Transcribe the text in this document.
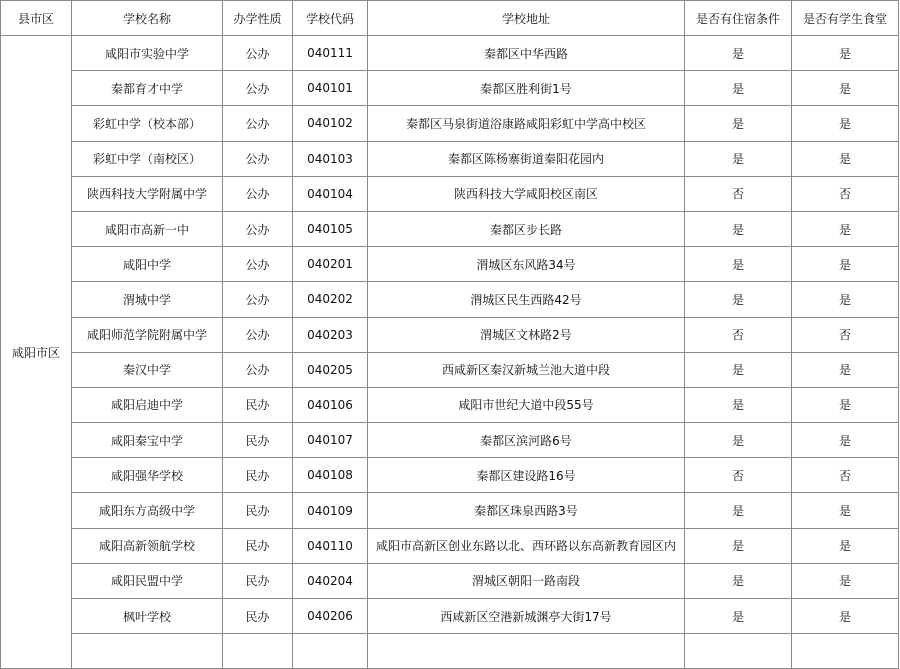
县市区	学校名称	办学性质	学校代码	学校地址	是否有住宿条件	是否有学生食堂
咸阳市区	咸阳市实验中学	公办	040111	秦都区中华西路	是	是
	秦都育才中学	公办	040101	秦都区胜利街1号	是	是
	彩虹中学（校本部）	公办	040102	秦都区马泉街道浴康路咸阳彩虹中学高中校区	是	是
	彩虹中学（南校区）	公办	040103	秦都区陈杨寨街道秦阳花园内	是	是
	陕西科技大学附属中学	公办	040104	陕西科技大学咸阳校区南区	否	否
	咸阳市高新一中	公办	040105	秦都区步长路	是	是
	咸阳中学	公办	040201	渭城区东风路34号	是	是
	渭城中学	公办	040202	渭城区民生西路42号	是	是
	咸阳师范学院附属中学	公办	040203	渭城区文林路2号	否	否
	秦汉中学	公办	040205	西咸新区秦汉新城兰池大道中段	是	是
	咸阳启迪中学	民办	040106	咸阳市世纪大道中段55号	是	是
	咸阳秦宝中学	民办	040107	秦都区滨河路6号	是	是
	咸阳强华学校	民办	040108	秦都区建设路16号	否	否
	咸阳东方高级中学	民办	040109	秦都区珠泉西路3号	是	是
	咸阳高新领航学校	民办	040110	咸阳市高新区创业东路以北、西环路以东高新教育园区内	是	是
	咸阳民盟中学	民办	040204	渭城区朝阳一路南段	是	是
	枫叶学校	民办	040206	西咸新区空港新城渊亭大街17号	是	是
